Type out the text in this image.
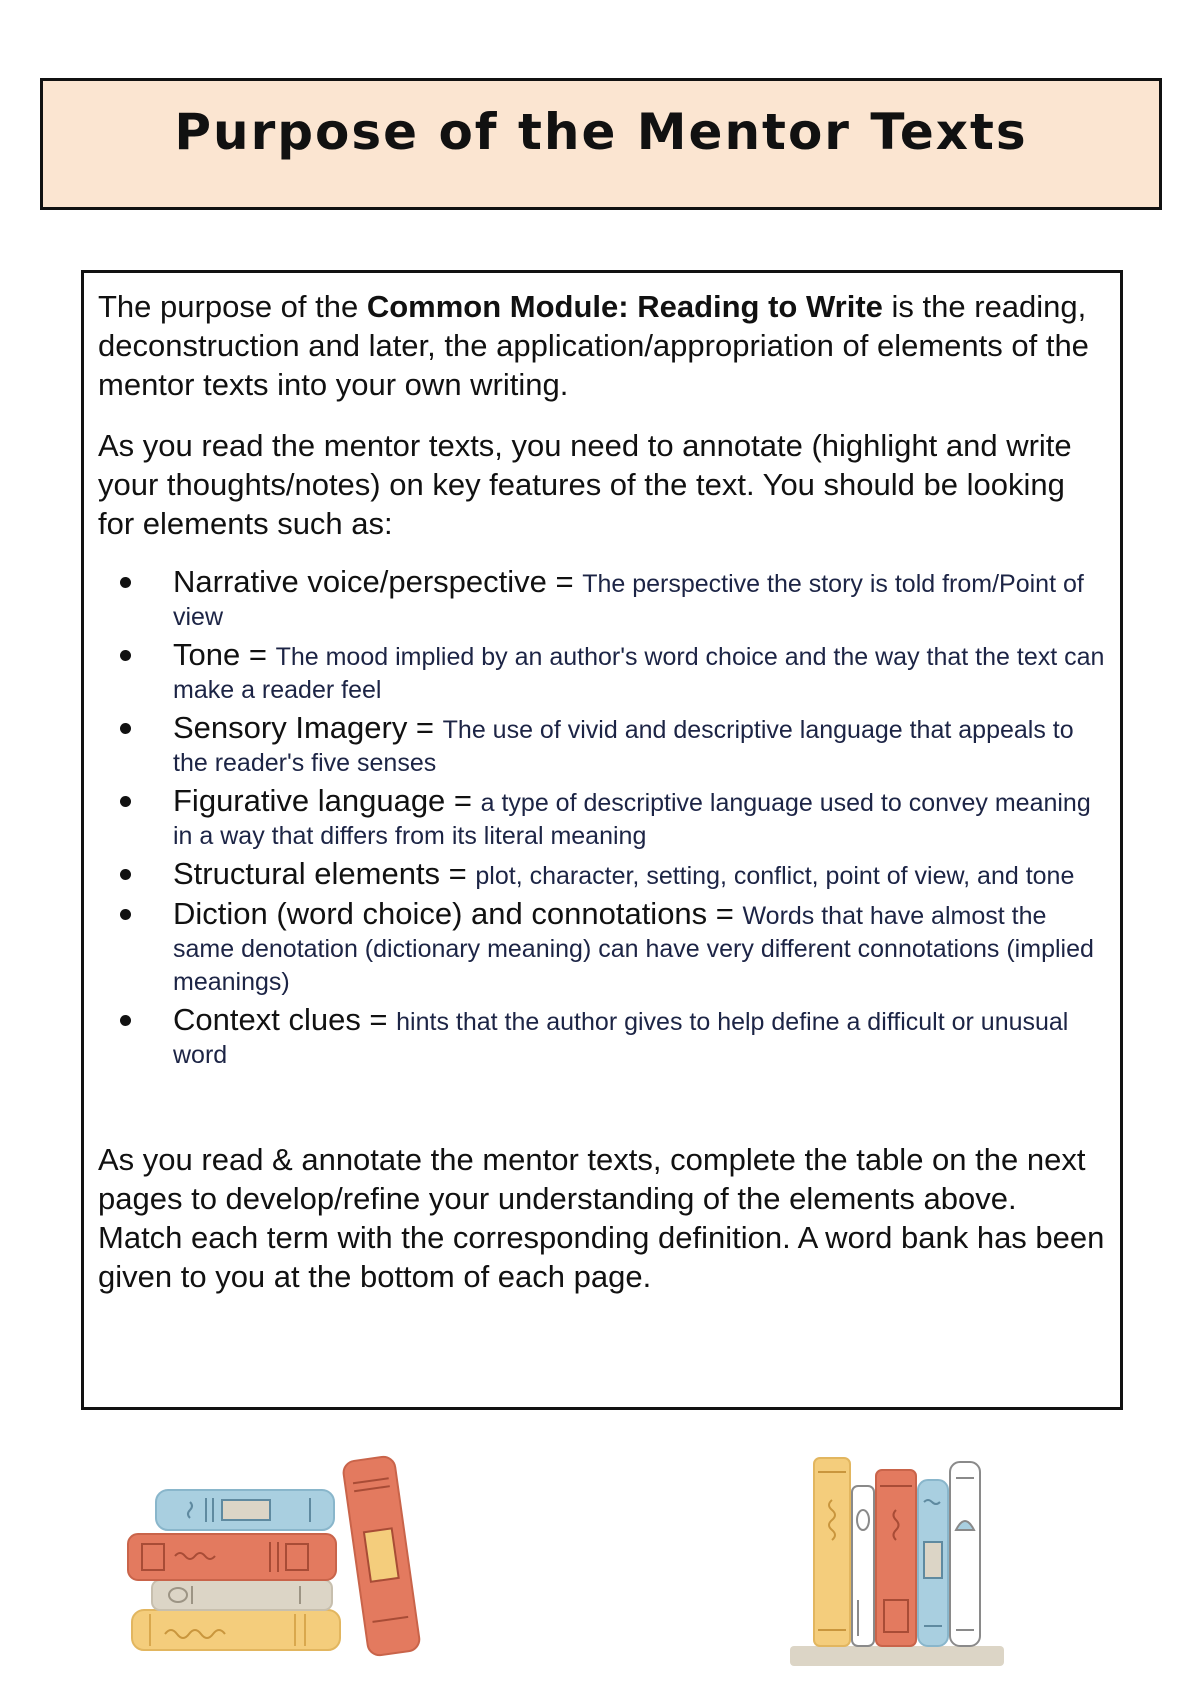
Purpose of the Mentor Texts

The purpose of the Common Module: Reading to Write is the reading, deconstruction and later, the application/appropriation of elements of the mentor texts into your own writing.

As you read the mentor texts, you need to annotate (highlight and write your thoughts/notes) on key features of the text. You should be looking for elements such as:

Narrative voice/perspective = The perspective the story is told from/Point of view
Tone = The mood implied by an author's word choice and the way that the text can make a reader feel
Sensory Imagery = The use of vivid and descriptive language that appeals to the reader's five senses
Figurative language = a type of descriptive language used to convey meaning in a way that differs from its literal meaning
Structural elements = plot, character, setting, conflict, point of view, and tone
Diction (word choice) and connotations = Words that have almost the same denotation (dictionary meaning) can have very different connotations (implied meanings)
Context clues = hints that the author gives to help define a difficult or unusual word

As you read & annotate the mentor texts, complete the table on the next pages to develop/refine your understanding of the elements above. Match each term with the corresponding definition. A word bank has been given to you at the bottom of each page.
